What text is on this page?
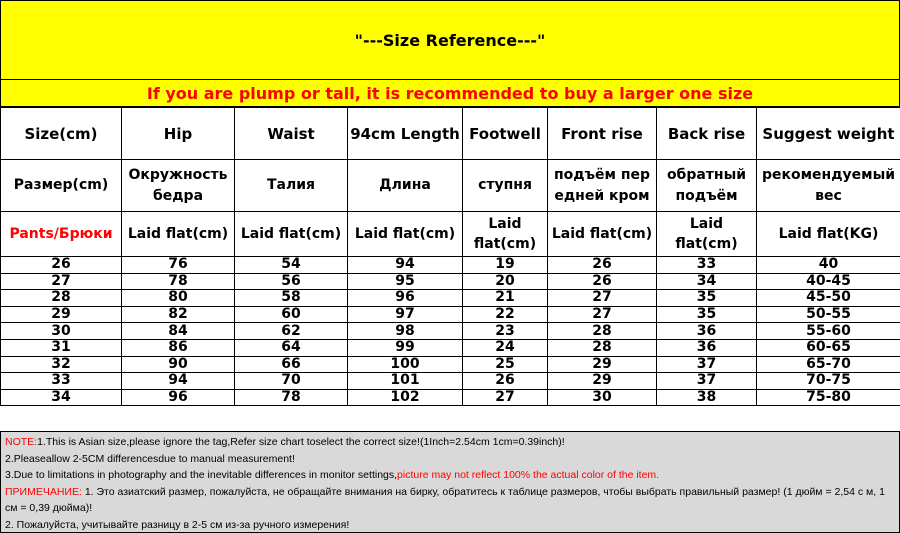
"---Size Reference---"
If you are plump or tall, it is recommended to buy a larger one size
Size(cm)	Hip	Waist	94cm Length	Footwell	Front rise	Back rise	Suggest weight
Размер(cm)	Окружность бедра	Талия	Длина	ступня	подъём пер едней кром	обратный подъём	рекомендуемый вес
Pants/Брюки	Laid flat(cm)	Laid flat(cm)	Laid flat(cm)	Laid flat(cm)	Laid flat(cm)	Laid flat(cm)	Laid flat(KG)
26	76	54	94	19	26	33	40
27	78	56	95	20	26	34	40-45
28	80	58	96	21	27	35	45-50
29	82	60	97	22	27	35	50-55
30	84	62	98	23	28	36	55-60
31	86	64	99	24	28	36	60-65
32	90	66	100	25	29	37	65-70
33	94	70	101	26	29	37	70-75
34	96	78	102	27	30	38	75-80

NOTE:1.This is Asian size,please ignore the tag,Refer size chart toselect the correct size!(1Inch=2.54cm 1cm=0.39inch)!

2.Pleaseallow 2-5CM differencesdue to manual measurement!

3.Due to limitations in photography and the inevitable differences in monitor settings,picture may not reflect 100% the actual color of the item.

ПРИМЕЧАНИЕ: 1. Это азиатский размер, пожалуйста, не обращайте внимания на бирку, обратитесь к таблице размеров, чтобы выбрать правильный размер! (1 дюйм = 2,54 с м, 1 см = 0,39 дюйма)!

2. Пожалуйста, учитывайте разницу в 2-5 см из-за ручного измерения!
